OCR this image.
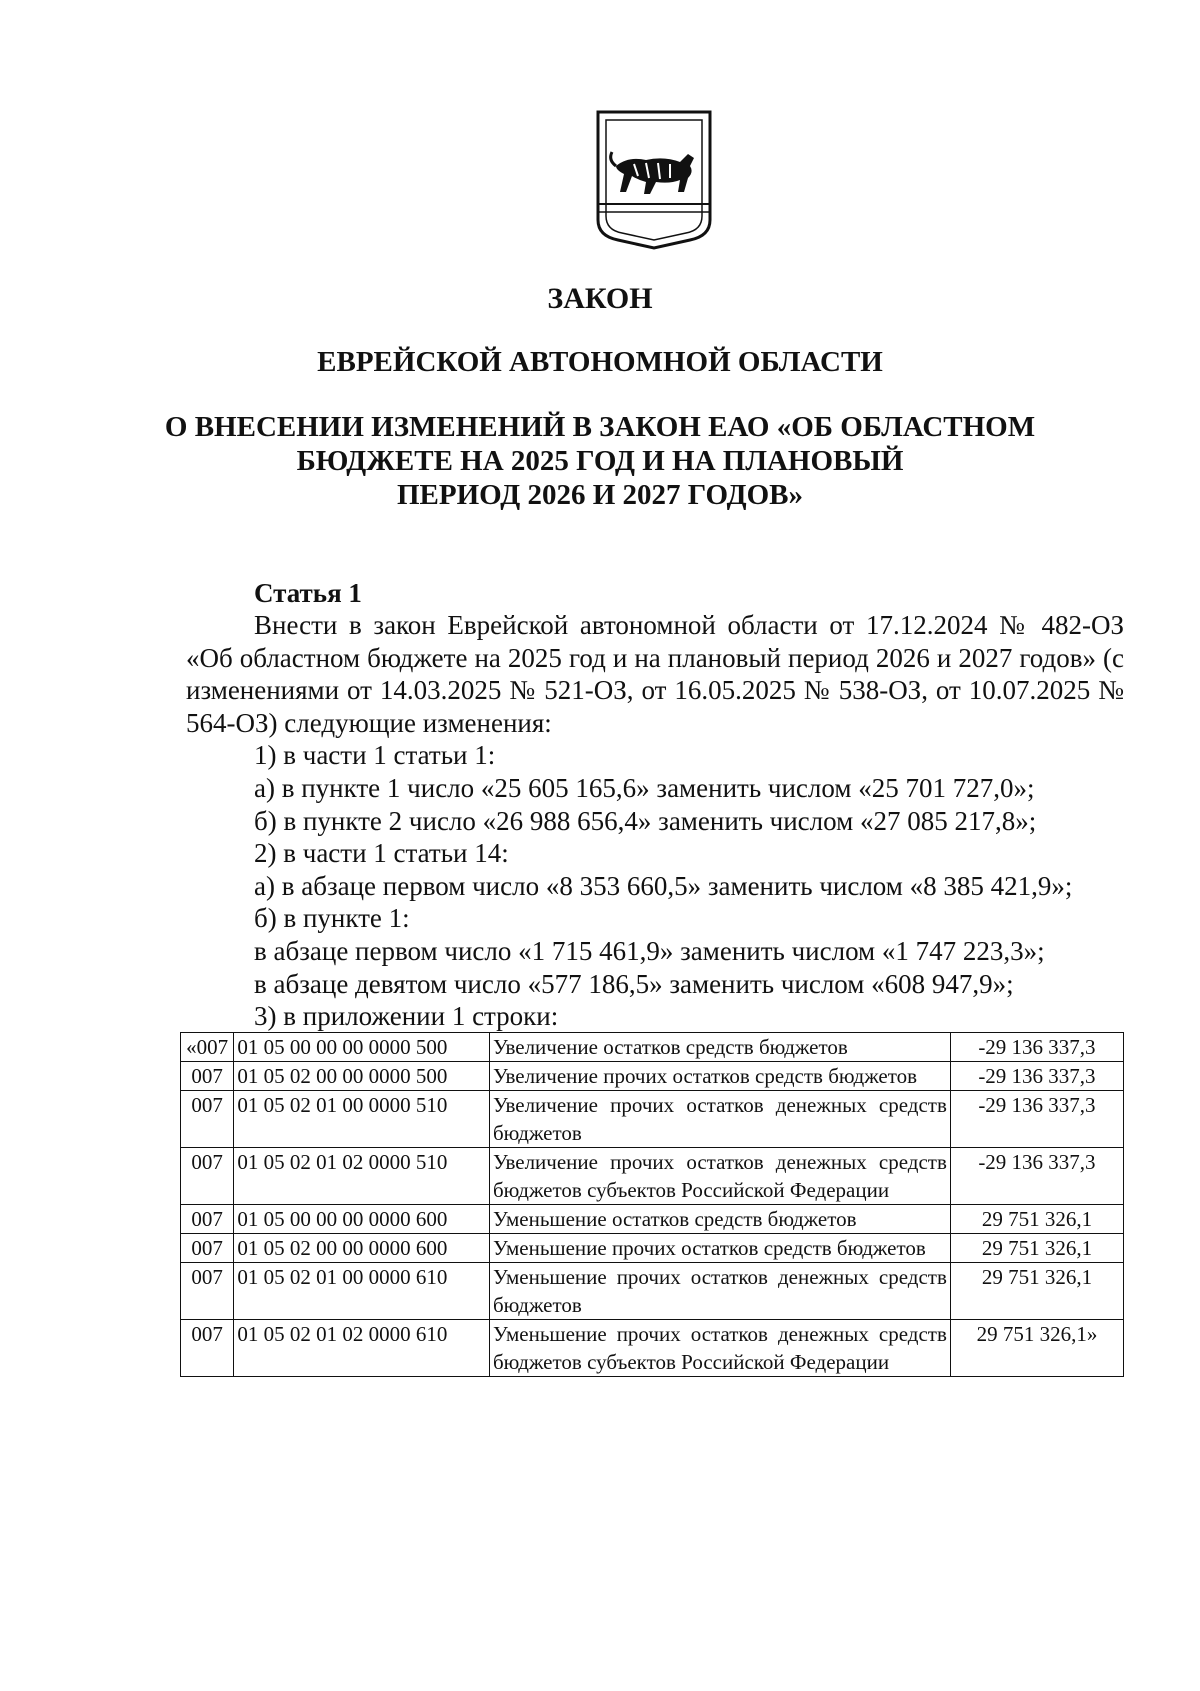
ЗАКОН
ЕВРЕЙСКОЙ АВТОНОМНОЙ ОБЛАСТИ
О ВНЕСЕНИИ ИЗМЕНЕНИЙ В ЗАКОН ЕАО «ОБ ОБЛАСТНОМ
БЮДЖЕТЕ НА 2025 ГОД И НА ПЛАНОВЫЙ
ПЕРИОД 2026 И 2027 ГОДОВ»
Статья 1

Внести в закон Еврейской автономной области от 17.12.2024 № 482-ОЗ «Об областном бюджете на 2025 год и на плановый период 2026 и 2027 годов» (с изменениями от 14.03.2025 № 521-ОЗ, от 16.05.2025 № 538-ОЗ, от 10.07.2025 № 564-ОЗ) следующие изменения:

1) в части 1 статьи 1:

а) в пункте 1 число «25 605 165,6» заменить числом «25 701 727,0»;

б) в пункте 2 число «26 988 656,4» заменить числом «27 085 217,8»;

2) в части 1 статьи 14:

а) в абзаце первом число «8 353 660,5» заменить числом «8 385 421,9»;

б) в пункте 1:

в абзаце первом число «1 715 461,9» заменить числом «1 747 223,3»;

в абзаце девятом число «577 186,5» заменить числом «608 947,9»;

3) в приложении 1 строки:

«007	01 05 00 00 00 0000 500	Увеличение остатков средств бюджетов	-29 136 337,3
007	01 05 02 00 00 0000 500	Увеличение прочих остатков средств бюджетов	-29 136 337,3
007	01 05 02 01 00 0000 510	Увеличение прочих остатков денежных средств бюджетов	-29 136 337,3
007	01 05 02 01 02 0000 510	Увеличение прочих остатков денежных средств бюджетов субъектов Российской Федерации	-29 136 337,3
007	01 05 00 00 00 0000 600	Уменьшение остатков средств бюджетов	29 751 326,1
007	01 05 02 00 00 0000 600	Уменьшение прочих остатков средств бюджетов	29 751 326,1
007	01 05 02 01 00 0000 610	Уменьшение прочих остатков денежных средств бюджетов	29 751 326,1
007	01 05 02 01 02 0000 610	Уменьшение прочих остатков денежных средств бюджетов субъектов Российской Федерации	29 751 326,1»
